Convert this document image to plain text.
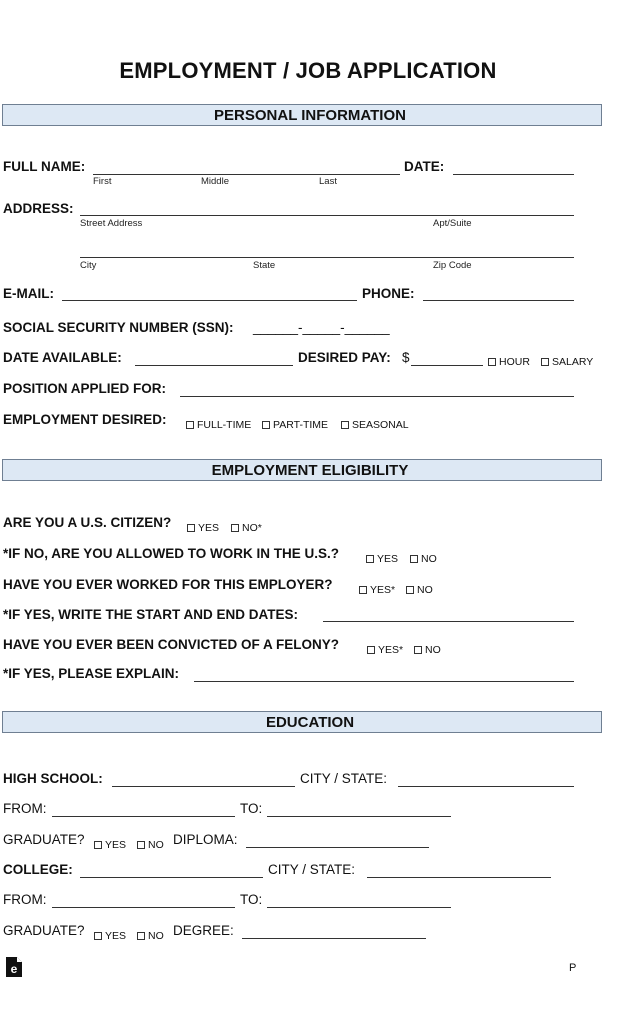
EMPLOYMENT / JOB APPLICATION
PERSONAL INFORMATION
FULL NAME:
First	Middle	Last
DATE:
ADDRESS:
Street Address	Apt/Suite
City	State	Zip Code
E-MAIL:	PHONE:
SOCIAL SECURITY NUMBER (SSN): ______-_____-______
DATE AVAILABLE:	DESIRED PAY: $	HOUR	SALARY
POSITION APPLIED FOR:
EMPLOYMENT DESIRED:	FULL-TIME	PART-TIME	SEASONAL
EMPLOYMENT ELIGIBILITY
ARE YOU A U.S. CITIZEN?	YES	NO*
*IF NO, ARE YOU ALLOWED TO WORK IN THE U.S.?	YES	NO
HAVE YOU EVER WORKED FOR THIS EMPLOYER?	YES*	NO
*IF YES, WRITE THE START AND END DATES:
HAVE YOU EVER BEEN CONVICTED OF A FELONY?	YES*	NO
*IF YES, PLEASE EXPLAIN:
EDUCATION
HIGH SCHOOL:	CITY / STATE:
FROM:	TO:
GRADUATE?	YES	NO DIPLOMA:
COLLEGE:	CITY / STATE:
FROM:	TO:
GRADUATE?	YES	NO DEGREE:
e	P
